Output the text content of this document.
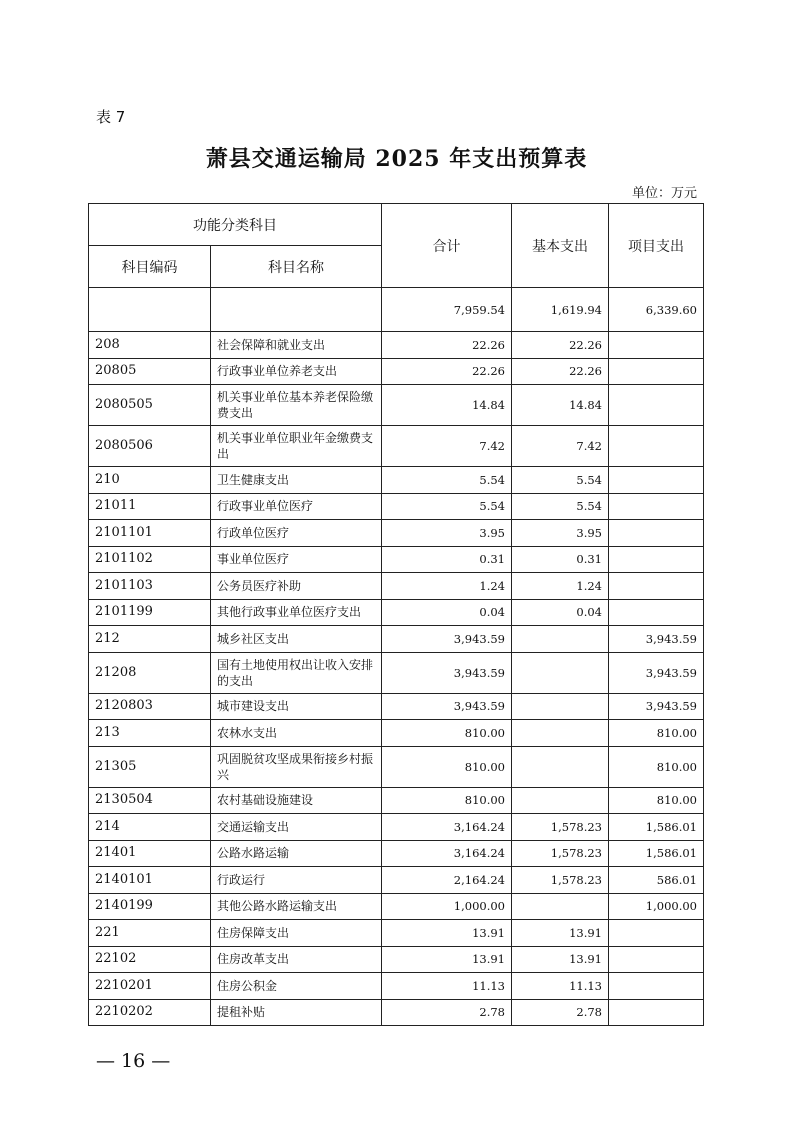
表 7
萧县交通运输局 2025 年支出预算表
单位：万元
功能分类科目		合计	基本支出	项目支出
科目编码	科目名称			
		7,959.54	1,619.94	6,339.60
208	社会保障和就业支出	22.26	22.26	
20805	行政事业单位养老支出	22.26	22.26	
2080505	机关事业单位基本养老保险缴费支出	14.84	14.84	
2080506	机关事业单位职业年金缴费支出	7.42	7.42	
210	卫生健康支出	5.54	5.54	
21011	行政事业单位医疗	5.54	5.54	
2101101	行政单位医疗	3.95	3.95	
2101102	事业单位医疗	0.31	0.31	
2101103	公务员医疗补助	1.24	1.24	
2101199	其他行政事业单位医疗支出	0.04	0.04	
212	城乡社区支出	3,943.59		3,943.59
21208	国有土地使用权出让收入安排的支出	3,943.59		3,943.59
2120803	城市建设支出	3,943.59		3,943.59
213	农林水支出	810.00		810.00
21305	巩固脱贫攻坚成果衔接乡村振兴	810.00		810.00
2130504	农村基础设施建设	810.00		810.00
214	交通运输支出	3,164.24	1,578.23	1,586.01
21401	公路水路运输	3,164.24	1,578.23	1,586.01
2140101	行政运行	2,164.24	1,578.23	586.01
2140199	其他公路水路运输支出	1,000.00		1,000.00
221	住房保障支出	13.91	13.91	
22102	住房改革支出	13.91	13.91	
2210201	住房公积金	11.13	11.13	
2210202	提租补贴	2.78	2.78	
— 16 —
